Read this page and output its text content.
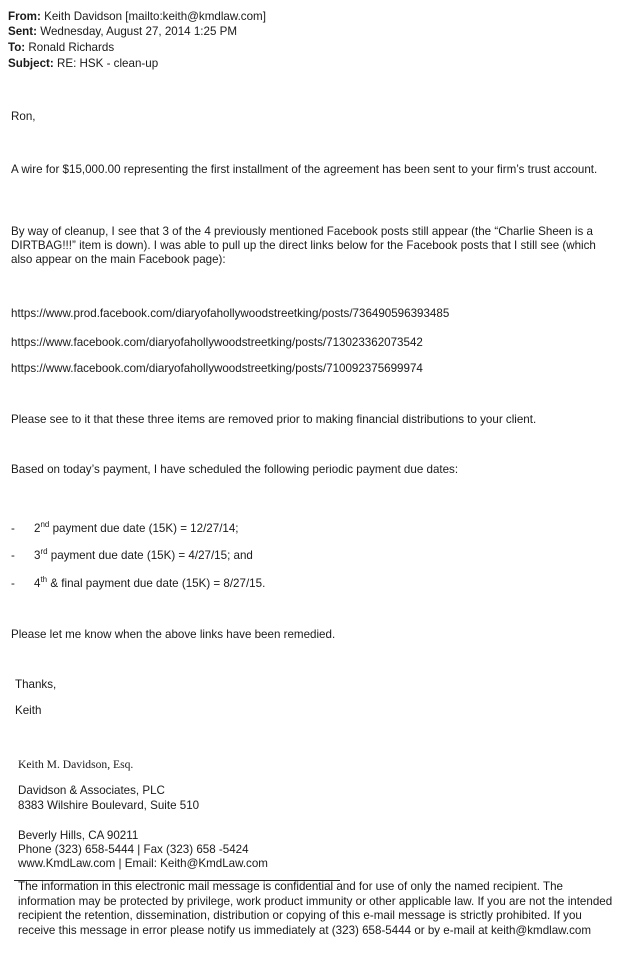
From: Keith Davidson [mailto:keith@kmdlaw.com]
Sent: Wednesday, August 27, 2014 1:25 PM
To: Ronald Richards
Subject: RE: HSK - clean-up
Ron,
A wire for $15,000.00 representing the first installment of the agreement has been sent to your firm’s trust account.
By way of cleanup, I see that 3 of the 4 previously mentioned Facebook posts still appear (the “Charlie Sheen is a DIRTBAG!!!” item is down). I was able to pull up the direct links below for the Facebook posts that I still see (which also appear on the main Facebook page):
https://www.prod.facebook.com/diaryofahollywoodstreetking/posts/736490596393485
https://www.facebook.com/diaryofahollywoodstreetking/posts/713023362073542
https://www.facebook.com/diaryofahollywoodstreetking/posts/710092375699974
Please see to it that these three items are removed prior to making financial distributions to your client.
Based on today’s payment, I have scheduled the following periodic payment due dates:
- 2nd payment due date (15K) = 12/27/14;
- 3rd payment due date (15K) = 4/27/15; and
- 4th & final payment due date (15K) = 8/27/15.
Please let me know when the above links have been remedied.
Thanks,
Keith
Keith M. Davidson, Esq.
Davidson & Associates, PLC
8383 Wilshire Boulevard, Suite 510
Beverly Hills, CA 90211
Phone (323) 658-5444 | Fax (323) 658 -5424
www.KmdLaw.com | Email: Keith@KmdLaw.com
The information in this electronic mail message is confidential and for use of only the named recipient. The information may be protected by privilege, work product immunity or other applicable law. If you are not the intended recipient the retention, dissemination, distribution or copying of this e-mail message is strictly prohibited. If you receive this message in error please notify us immediately at (323) 658-5444 or by e-mail at keith@kmdlaw.com
